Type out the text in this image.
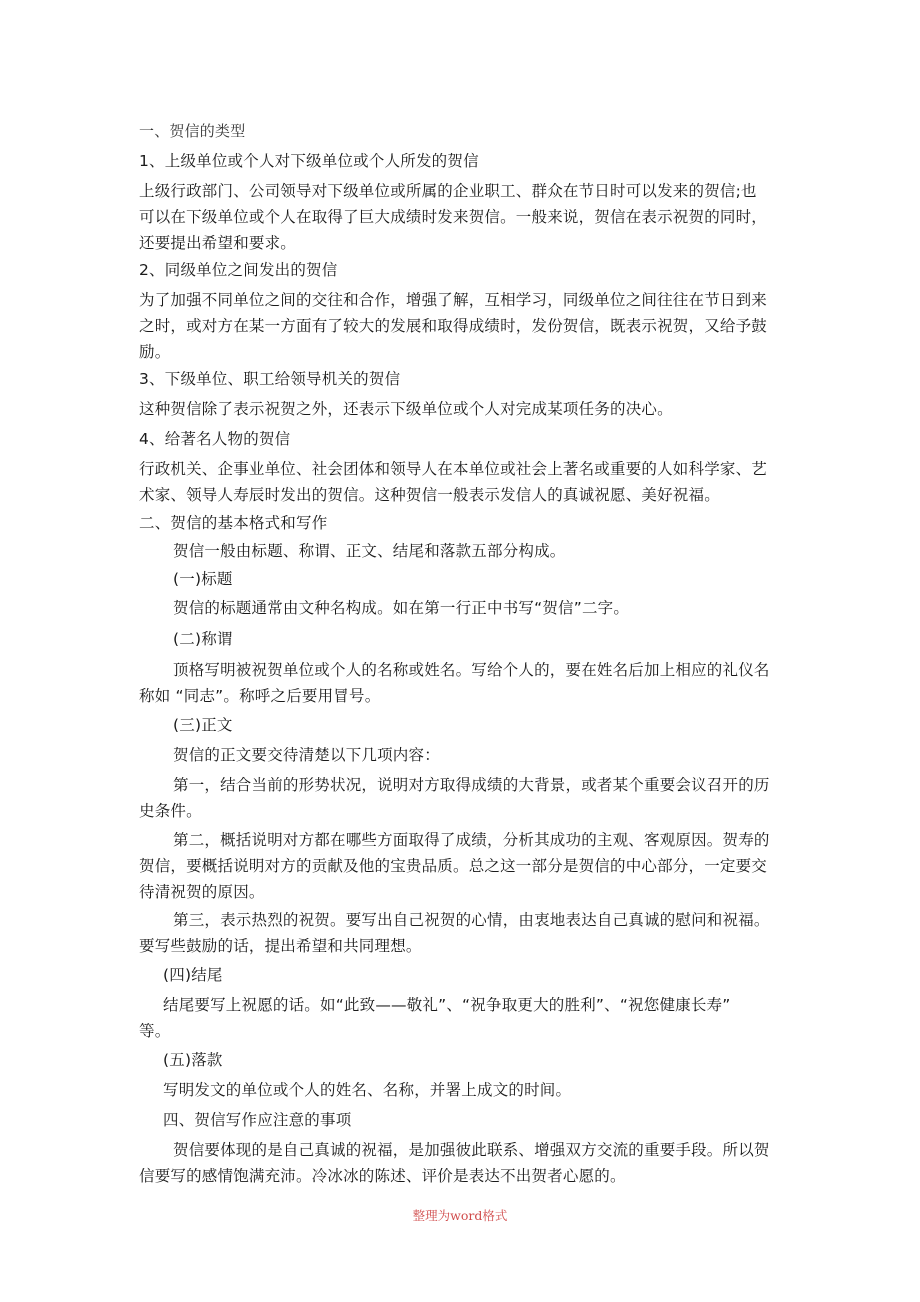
一、贺信的类型
1、上级单位或个人对下级单位或个人所发的贺信
上级行政部门、公司领导对下级单位或所属的企业职工、群众在节日时可以发来的贺信;也
可以在下级单位或个人在取得了巨大成绩时发来贺信。一般来说，贺信在表示祝贺的同时，
还要提出希望和要求。
2、同级单位之间发出的贺信
为了加强不同单位之间的交往和合作，增强了解，互相学习，同级单位之间往往在节日到来
之时，或对方在某一方面有了较大的发展和取得成绩时，发份贺信，既表示祝贺，又给予鼓
励。
3、下级单位、职工给领导机关的贺信
这种贺信除了表示祝贺之外，还表示下级单位或个人对完成某项任务的决心。
4、给著名人物的贺信
行政机关、企事业单位、社会团体和领导人在本单位或社会上著名或重要的人如科学家、艺
术家、领导人寿辰时发出的贺信。这种贺信一般表示发信人的真诚祝愿、美好祝福。
二、贺信的基本格式和写作
贺信一般由标题、称谓、正文、结尾和落款五部分构成。
(一)标题
贺信的标题通常由文种名构成。如在第一行正中书写“贺信”二字。
(二)称谓
顶格写明被祝贺单位或个人的名称或姓名。写给个人的，要在姓名后加上相应的礼仪名
称如 “同志”。称呼之后要用冒号。
(三)正文
贺信的正文要交待清楚以下几项内容：
第一，结合当前的形势状况，说明对方取得成绩的大背景，或者某个重要会议召开的历
史条件。
第二，概括说明对方都在哪些方面取得了成绩，分析其成功的主观、客观原因。贺寿的
贺信，要概括说明对方的贡献及他的宝贵品质。总之这一部分是贺信的中心部分，一定要交
待清祝贺的原因。
第三，表示热烈的祝贺。要写出自己祝贺的心情，由衷地表达自己真诚的慰问和祝福。
要写些鼓励的话，提出希望和共同理想。
(四)结尾
结尾要写上祝愿的话。如“此致——敬礼”、“祝争取更大的胜利”、“祝您健康长寿”
等。
(五)落款
写明发文的单位或个人的姓名、名称，并署上成文的时间。
四、贺信写作应注意的事项
贺信要体现的是自己真诚的祝福，是加强彼此联系、增强双方交流的重要手段。所以贺
信要写的感情饱满充沛。冷冰冰的陈述、评价是表达不出贺者心愿的。
整理为word格式
